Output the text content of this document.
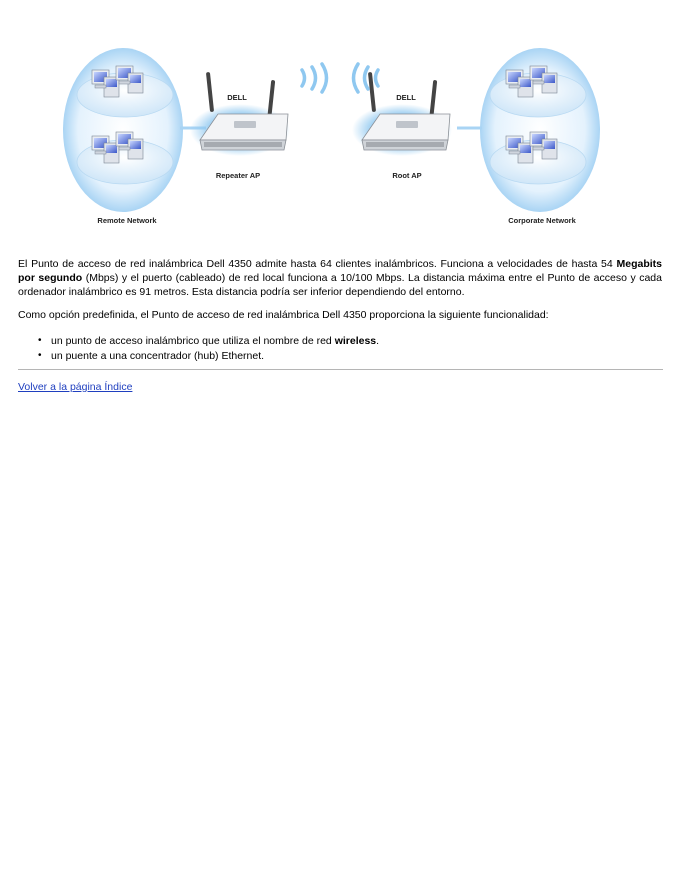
DELL	DELL
Repeater AP	Root AP
Remote Network	Corporate Network

El Punto de acceso de red inalámbrica Dell 4350 admite hasta 64 clientes inalámbricos. Funciona a velocidades de hasta 54 Megabits por segundo (Mbps) y el puerto (cableado) de red local funciona a 10/100 Mbps. La distancia máxima entre el Punto de acceso y cada ordenador inalámbrico es 91 metros. Esta distancia podría ser inferior dependiendo del entorno.

Como opción predefinida, el Punto de acceso de red inalámbrica Dell 4350 proporciona la siguiente funcionalidad:

• un punto de acceso inalámbrico que utiliza el nombre de red wireless.
• un puente a una concentrador (hub) Ethernet.
Volver a la página Índice
